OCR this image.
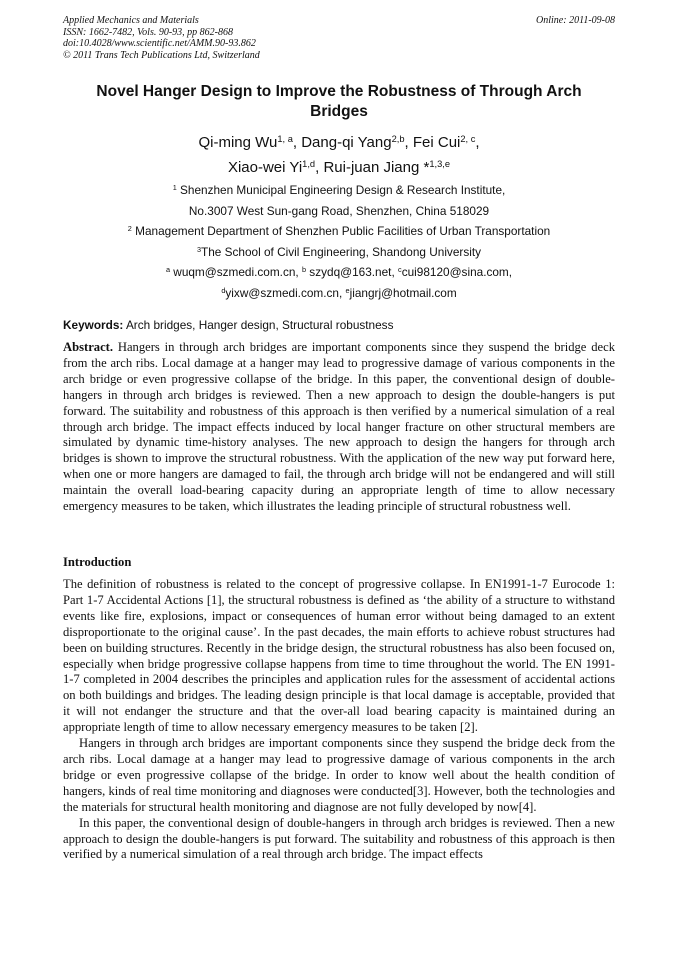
Applied Mechanics and Materials
ISSN: 1662-7482, Vols. 90-93, pp 862-868
doi:10.4028/www.scientific.net/AMM.90-93.862
© 2011 Trans Tech Publications Ltd, Switzerland
Online: 2011-09-08
Novel Hanger Design to Improve the Robustness of Through Arch Bridges
Qi-ming Wu$^{1, a}$, Dang-qi Yang$^{2,b}$, Fei Cui$^{2, c}$,
Xiao-wei Yi$^{1,d}$, Rui-juan Jiang *$^{1,3,e}$
$^1$ Shenzhen Municipal Engineering Design & Research Institute,
No.3007 West Sun-gang Road, Shenzhen, China 518029
$^2$ Management Department of Shenzhen Public Facilities of Urban Transportation
$^3$The School of Civil Engineering, Shandong University
$^a$ wuqm@szmedi.com.cn, $^b$ szydq@163.net, $^c$cui98120@sina.com,
$^d$yixw@szmedi.com.cn, $^e$jiangrj@hotmail.com
Keywords: Arch bridges, Hanger design, Structural robustness

Abstract. Hangers in through arch bridges are important components since they suspend the bridge deck from the arch ribs. Local damage at a hanger may lead to progressive damage of various components in the arch bridge or even progressive collapse of the bridge. In this paper, the conventional design of double-hangers in through arch bridges is reviewed. Then a new approach to design the double-hangers is put forward. The suitability and robustness of this approach is then verified by a numerical simulation of a real through arch bridge. The impact effects induced by local hanger fracture on other structural members are simulated by dynamic time-history analyses. The new approach to design the hangers for through arch bridges is shown to improve the structural robustness. With the application of the new way put forward here, when one or more hangers are damaged to fail, the through arch bridge will not be endangered and will still maintain the overall load-bearing capacity during an appropriate length of time to allow necessary emergency measures to be taken, which illustrates the leading principle of structural robustness well.

Introduction

The definition of robustness is related to the concept of progressive collapse. In EN1991-1-7 Eurocode 1: Part 1-7 Accidental Actions [1], the structural robustness is defined as ‘the ability of a structure to withstand events like fire, explosions, impact or consequences of human error without being damaged to an extent disproportionate to the original cause’. In the past decades, the main efforts to achieve robust structures had been on building structures. Recently in the bridge design, the structural robustness has also been focused on, especially when bridge progressive collapse happens from time to time throughout the world. The EN 1991-1-7 completed in 2004 describes the principles and application rules for the assessment of accidental actions on both buildings and bridges. The leading design principle is that local damage is acceptable, provided that it will not endanger the structure and that the over-all load bearing capacity is maintained during an appropriate length of time to allow necessary emergency measures to be taken [2].

Hangers in through arch bridges are important components since they suspend the bridge deck from the arch ribs. Local damage at a hanger may lead to progressive damage of various components in the arch bridge or even progressive collapse of the bridge. In order to know well about the health condition of hangers, kinds of real time monitoring and diagnoses were conducted[3]. However, both the technologies and the materials for structural health monitoring and diagnose are not fully developed by now[4].

In this paper, the conventional design of double-hangers in through arch bridges is reviewed. Then a new approach to design the double-hangers is put forward. The suitability and robustness of this approach is then verified by a numerical simulation of a real through arch bridge. The impact effects
